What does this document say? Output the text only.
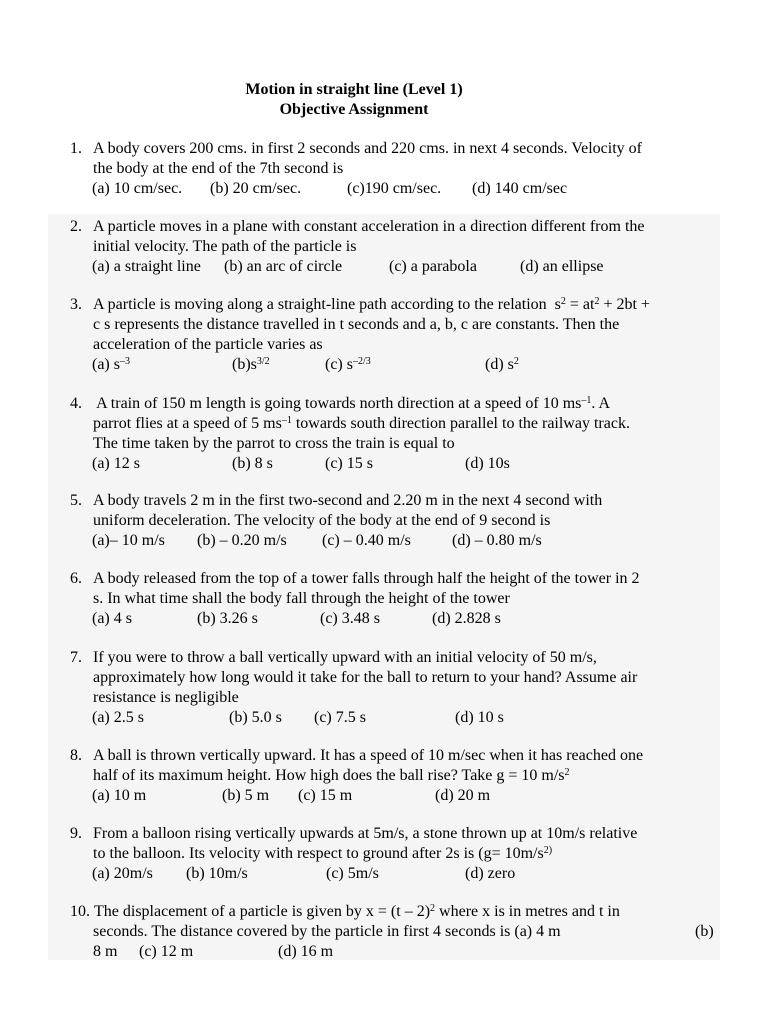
Motion in straight line (Level 1)
Objective Assignment
1. A body covers 200 cms. in first 2 seconds and 220 cms. in next 4 seconds. Velocity of
the body at the end of the 7th second is
(a) 10 cm/sec. (b) 20 cm/sec.	(c)190 cm/sec. (d) 140 cm/sec
2. A particle moves in a plane with constant acceleration in a direction different from the
initial velocity. The path of the particle is
(a) a straight line (b) an arc of circle	(c) a parabola	(d) an ellipse
3. A particle is moving along a straight-line path according to the relation  $s^2 = at^2 + 2bt$ +
c s represents the distance travelled in t seconds and a, b, c are constants. Then the
acceleration of the particle varies as
(a) $s^{-3}$	$(b)s^{3/2}$	(c) $s^{-2/3}$	(d) $s^2$
4. A train of 150 m length is going towards north direction at a speed of 10 $ms^{-1}$. A
parrot flies at a speed of 5 $ms^{-1}$ towards south direction parallel to the railway track.
The time taken by the parrot to cross the train is equal to
(a) 12 s	(b) 8 s	(c) 15 s	(d) 10s
5. A body travels 2 m in the first two-second and 2.20 m in the next 4 second with
uniform deceleration. The velocity of the body at the end of 9 second is
(a)– 10 m/s (b) – 0.20 m/s (c) – 0.40 m/s	(d) – 0.80 m/s
6. A body released from the top of a tower falls through half the height of the tower in 2
s. In what time shall the body fall through the height of the tower
(a) 4 s	(b) 3.26 s	(c) 3.48 s	(d) 2.828 s
7. If you were to throw a ball vertically upward with an initial velocity of 50 m/s,
approximately how long would it take for the ball to return to your hand? Assume air
resistance is negligible
(a) 2.5 s	(b) 5.0 s (c) 7.5 s	(d) 10 s
8. A ball is thrown vertically upward. It has a speed of 10 m/sec when it has reached one
half of its maximum height. How high does the ball rise? Take g = 10 $m/s^2$
(a) 10 m	(b) 5 m (c) 15 m	(d) 20 m
9. From a balloon rising vertically upwards at 5m/s, a stone thrown up at 10m/s relative
to the balloon. Its velocity with respect to ground after 2s is ($g= 10m/s^{2)}$
(a) 20m/s (b) 10m/s	(c) 5m/s	(d) zero
10. The displacement of a particle is given by x = (t – 2)$^2$ where x is in metres and t in
seconds. The distance covered by the particle in first 4 seconds is (a) 4 m	(b)
8 m (c) 12 m	(d) 16 m
